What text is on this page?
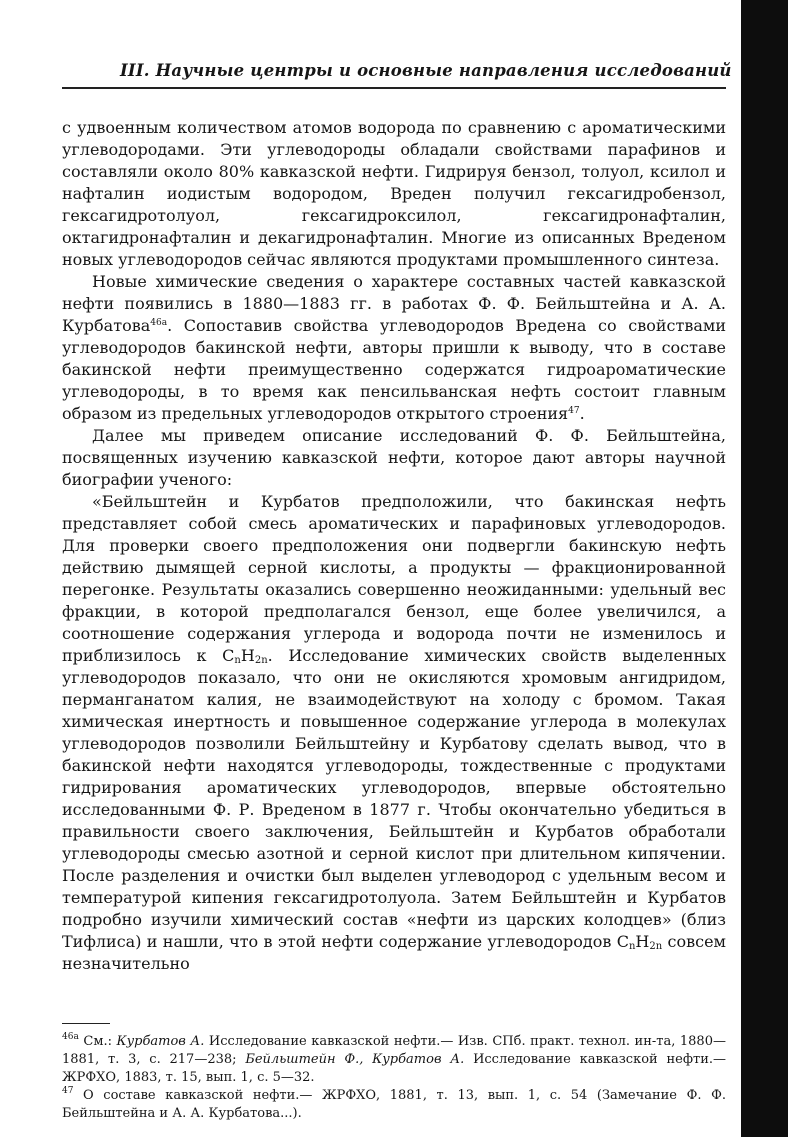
III. Научные центры и основные направления исследований

с удвоенным количеством атомов водорода по сравнению с ароматическими углеводородами. Эти углеводороды обладали свойствами парафинов и составляли около 80% кавказской нефти. Гидрируя бензол, толуол, ксилол и нафталин иодистым водородом, Вреден получил гексагидробензол, гексагидротолуол, гексагидроксилол, гексагидронафталин, октагидронафталин и декагидронафталин. Многие из описанных Вреденом новых углеводородов сейчас являются продуктами промышленного синтеза.

Новые химические сведения о характере составных частей кавказской нефти появились в 1880—1883 гг. в работах Ф. Ф. Бейльштейна и А. А. Курбатова$^{46а}$. Сопоставив свойства углеводородов Вредена со свойствами углеводородов бакинской нефти, авторы пришли к выводу, что в составе бакинской нефти преимущественно содержатся гидроароматические углеводороды, в то время как пенсильванская нефть состоит главным образом из предельных углеводородов открытого строения$^{47}$.

Далее мы приведем описание исследований Ф. Ф. Бейльштейна, посвященных изучению кавказской нефти, которое дают авторы научной биографии ученого:

«Бейльштейн и Курбатов предположили, что бакинская нефть представляет собой смесь ароматических и парафиновых углеводородов. Для проверки своего предположения они подвергли бакинскую нефть действию дымящей серной кислоты, а продукты — фракционированной перегонке. Результаты оказались совершенно неожиданными: удельный вес фракции, в которой предполагался бензол, еще более увеличился, а соотношение содержания углерода и водорода почти не изменилось и приблизилось к $C_nH_{2n}$. Исследование химических свойств выделенных углеводородов показало, что они не окисляются хромовым ангидридом, перманганатом калия, не взаимодействуют на холоду с бромом. Такая химическая инертность и повышенное содержание углерода в молекулах углеводородов позволили Бейльштейну и Курбатову сделать вывод, что в бакинской нефти находятся углеводороды, тождественные с продуктами гидрирования ароматических углеводородов, впервые обстоятельно исследованными Ф. Р. Вреденом в 1877 г. Чтобы окончательно убедиться в правильности своего заключения, Бейльштейн и Курбатов обработали углеводороды смесью азотной и серной кислот при длительном кипячении. После разделения и очистки был выделен углеводород с удельным весом и температурой кипения гексагидротолуола. Затем Бейльштейн и Курбатов подробно изучили химический состав «нефти из царских колодцев» (близ Тифлиса) и нашли, что в этой нефти содержание углеводородов $C_nH_{2n}$ совсем незначительно

$^{46а}$ См.: Курбатов А. Исследование кавказской нефти.— Изв. СПб. практ. технол. ин-та, 1880—1881, т. 3, с. 217—238; Бейльштейн Ф., Курбатов А. Исследование кавказской нефти.— ЖРФХО, 1883, т. 15, вып. 1, с. 5—32.

$^{47}$ О составе кавказской нефти.— ЖРФХО, 1881, т. 13, вып. 1, с. 54 (Замечание Ф. Ф. Бейльштейна и А. А. Курбатова...).
